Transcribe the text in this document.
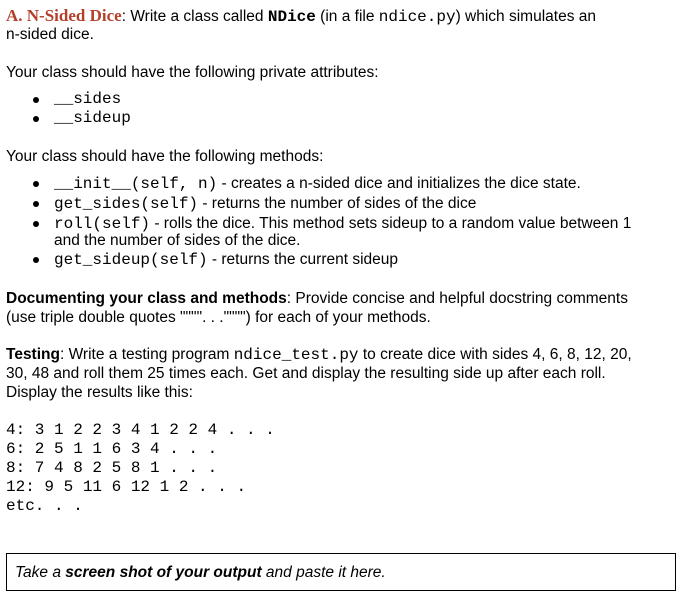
A. N-Sided Dice: Write a class called NDice (in a file ndice.py) which simulates an
n-sided dice.
Your class should have the following private attributes:
__sides
__sideup
Your class should have the following methods:
__init__(self, n) - creates a n-sided dice and initializes the dice state.
get_sides(self) - returns the number of sides of the dice
roll(self) - rolls the dice. This method sets sideup to a random value between 1
and the number of sides of the dice.
get_sideup(self) - returns the current sideup
Documenting your class and methods: Provide concise and helpful docstring comments
(use triple double quotes """". . ."""") for each of your methods.
Testing: Write a testing program ndice_test.py to create dice with sides 4, 6, 8, 12, 20,
30, 48 and roll them 25 times each. Get and display the resulting side up after each roll.
Display the results like this:
4: 3 1 2 2 3 4 1 2 2 4 . . .
6: 2 5 1 1 6 3 4 . . .
8: 7 4 8 2 5 8 1 . . .
12: 9 5 11 6 12 1 2 . . .
etc. . .
Take a screen shot of your output and paste it here.
